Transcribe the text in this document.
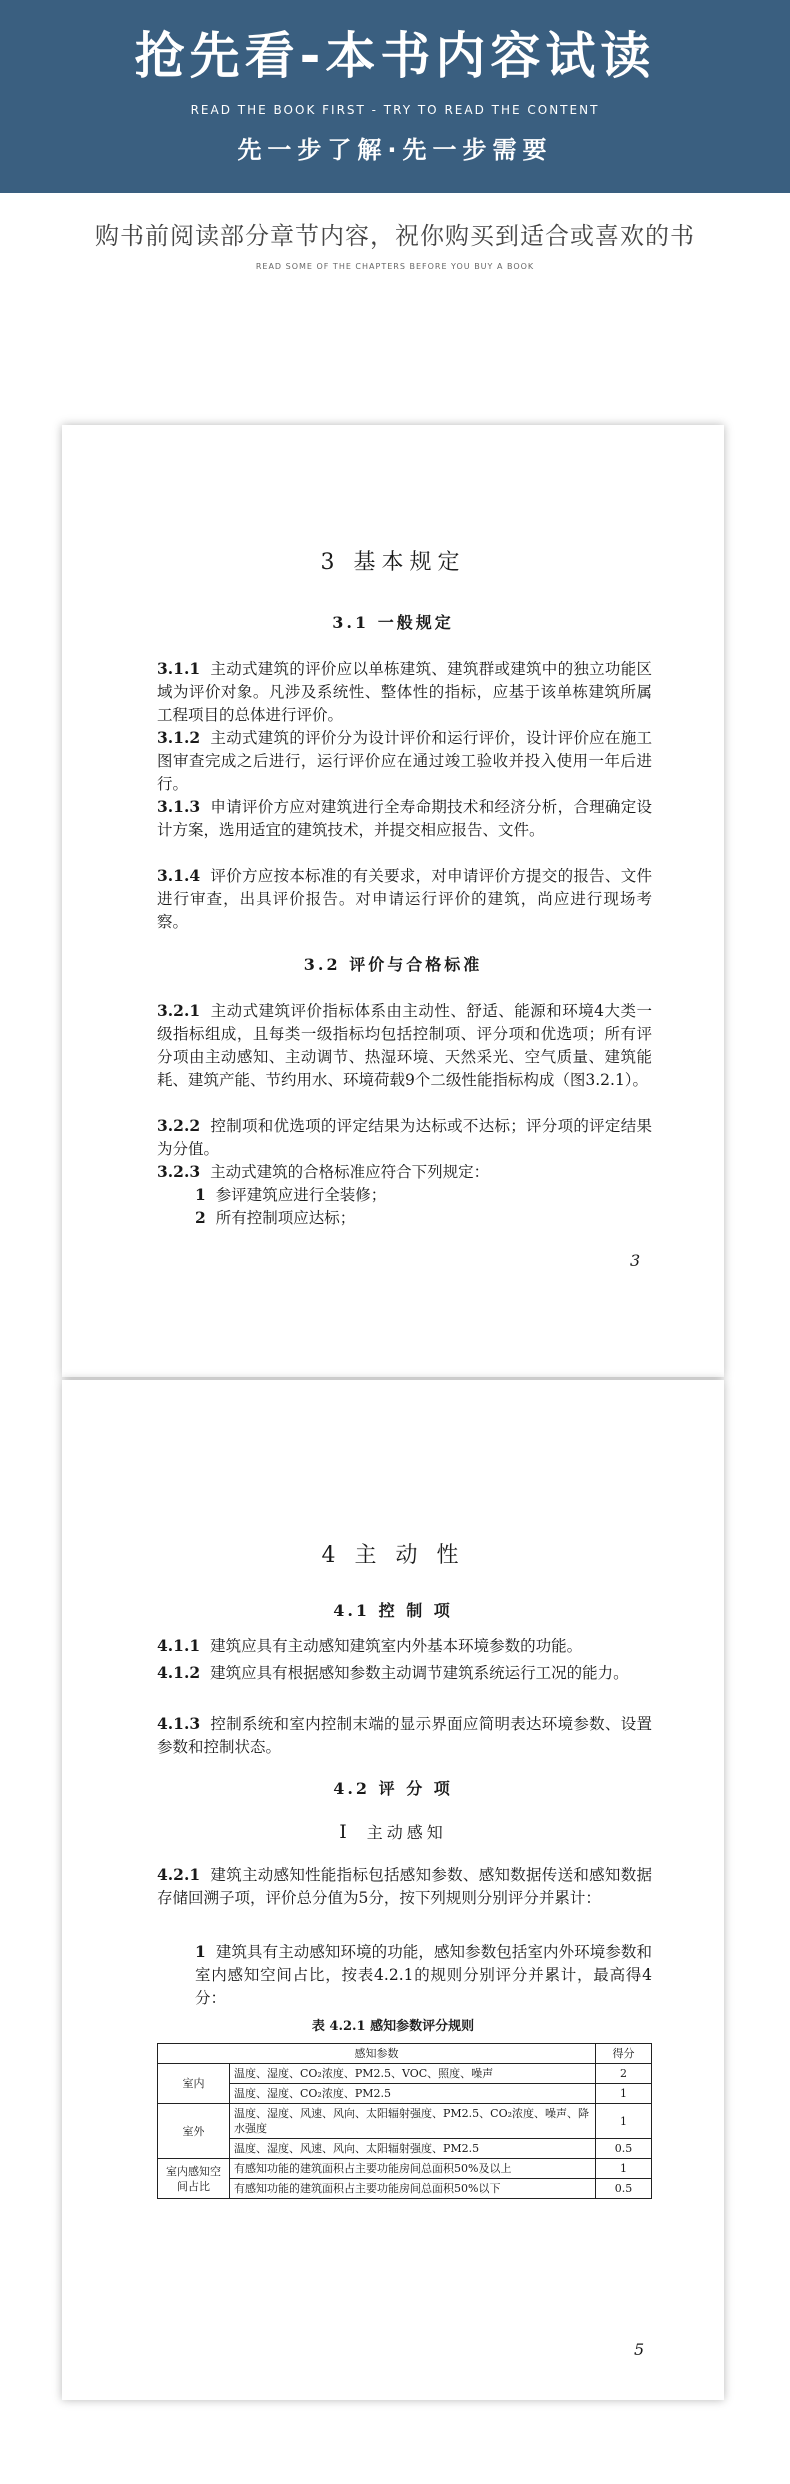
抢先看-本书内容试读
READ THE BOOK FIRST - TRY TO READ THE CONTENT
先一步了解·先一步需要
购书前阅读部分章节内容，祝你购买到适合或喜欢的书
READ SOME OF THE CHAPTERS BEFORE YOU BUY A BOOK
3 基本规定
3.1 一般规定

3.1.1 主动式建筑的评价应以单栋建筑、建筑群或建筑中的独立功能区域为评价对象。凡涉及系统性、整体性的指标，应基于该单栋建筑所属工程项目的总体进行评价。

3.1.2 主动式建筑的评价分为设计评价和运行评价，设计评价应在施工图审查完成之后进行，运行评价应在通过竣工验收并投入使用一年后进行。

3.1.3 申请评价方应对建筑进行全寿命期技术和经济分析，合理确定设计方案，选用适宜的建筑技术，并提交相应报告、文件。

3.1.4 评价方应按本标准的有关要求，对申请评价方提交的报告、文件进行审查，出具评价报告。对申请运行评价的建筑，尚应进行现场考察。

3.2 评价与合格标准

3.2.1 主动式建筑评价指标体系由主动性、舒适、能源和环境4大类一级指标组成，且每类一级指标均包括控制项、评分项和优选项；所有评分项由主动感知、主动调节、热湿环境、天然采光、空气质量、建筑能耗、建筑产能、节约用水、环境荷载9个二级性能指标构成（图3.2.1）。

3.2.2 控制项和优选项的评定结果为达标或不达标；评分项的评定结果为分值。

3.2.3 主动式建筑的合格标准应符合下列规定：

1 参评建筑应进行全装修；

2 所有控制项应达标；

3
4 主 动 性
4.1 控 制 项

4.1.1 建筑应具有主动感知建筑室内外基本环境参数的功能。

4.1.2 建筑应具有根据感知参数主动调节建筑系统运行工况的能力。

4.1.3 控制系统和室内控制末端的显示界面应简明表达环境参数、设置参数和控制状态。

4.2 评 分 项
Ⅰ 主动感知

4.2.1 建筑主动感知性能指标包括感知参数、感知数据传送和感知数据存储回溯子项，评价总分值为5分，按下列规则分别评分并累计：

1 建筑具有主动感知环境的功能，感知参数包括室内外环境参数和室内感知空间占比，按表4.2.1的规则分别评分并累计，最高得4分：

表 4.2.1 感知参数评分规则
感知参数		得分
室内	温度、湿度、CO₂浓度、PM2.5、VOC、照度、噪声	2
	温度、湿度、CO₂浓度、PM2.5	1
室外	温度、湿度、风速、风向、太阳辐射强度、PM2.5、CO₂浓度、噪声、降水强度	1
	温度、湿度、风速、风向、太阳辐射强度、PM2.5	0.5
室内感知空间占比	有感知功能的建筑面积占主要功能房间总面积50%及以上	1
	有感知功能的建筑面积占主要功能房间总面积50%以下	0.5
5
